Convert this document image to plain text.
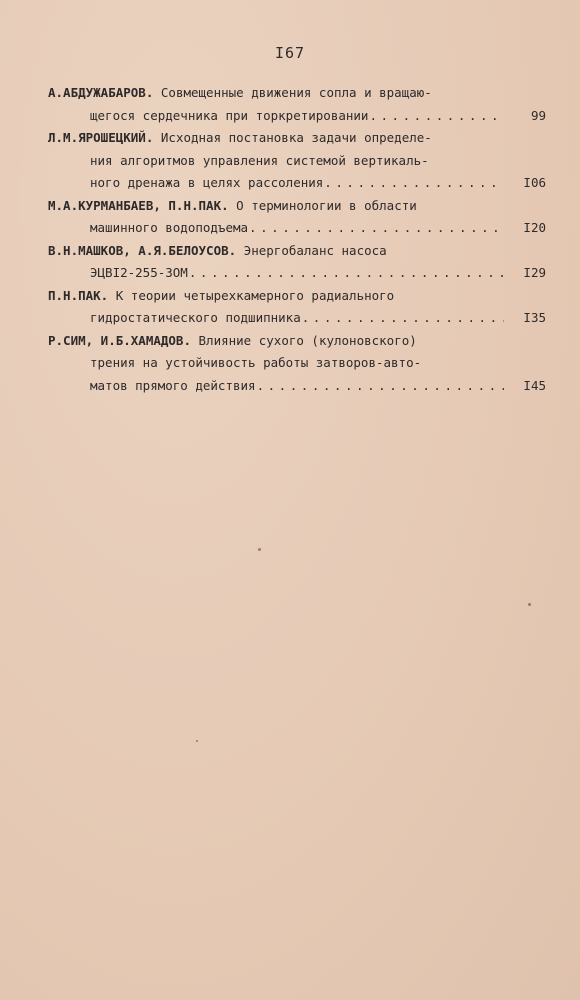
I67
А.АБДУЖАБАРОВ. Совмещенные движения сопла и вращаю-
щегося сердечника при торкретировании . . .	99
Л.М.ЯРОШЕЦКИЙ. Исходная постановка задачи определе-
ния алгоритмов управления системой вертикаль-
ного дренажа в целях рассоления . . .	I06
М.А.КУРМАНБАЕВ, П.Н.ПАК. О терминологии в области
машинного водоподъема . . .	I20
В.Н.МАШКОВ, А.Я.БЕЛОУСОВ. Энергобаланс насоса
ЭЦВI2-255-3ОМ . . .	I29
П.Н.ПАК. К теории четырехкамерного радиального
гидростатического подшипника . . .	I35
Р.СИМ, И.Б.ХАМАДОВ. Влияние сухого (кулоновского)
трения на устойчивость работы затворов-авто-
матов прямого действия . . .	I45
